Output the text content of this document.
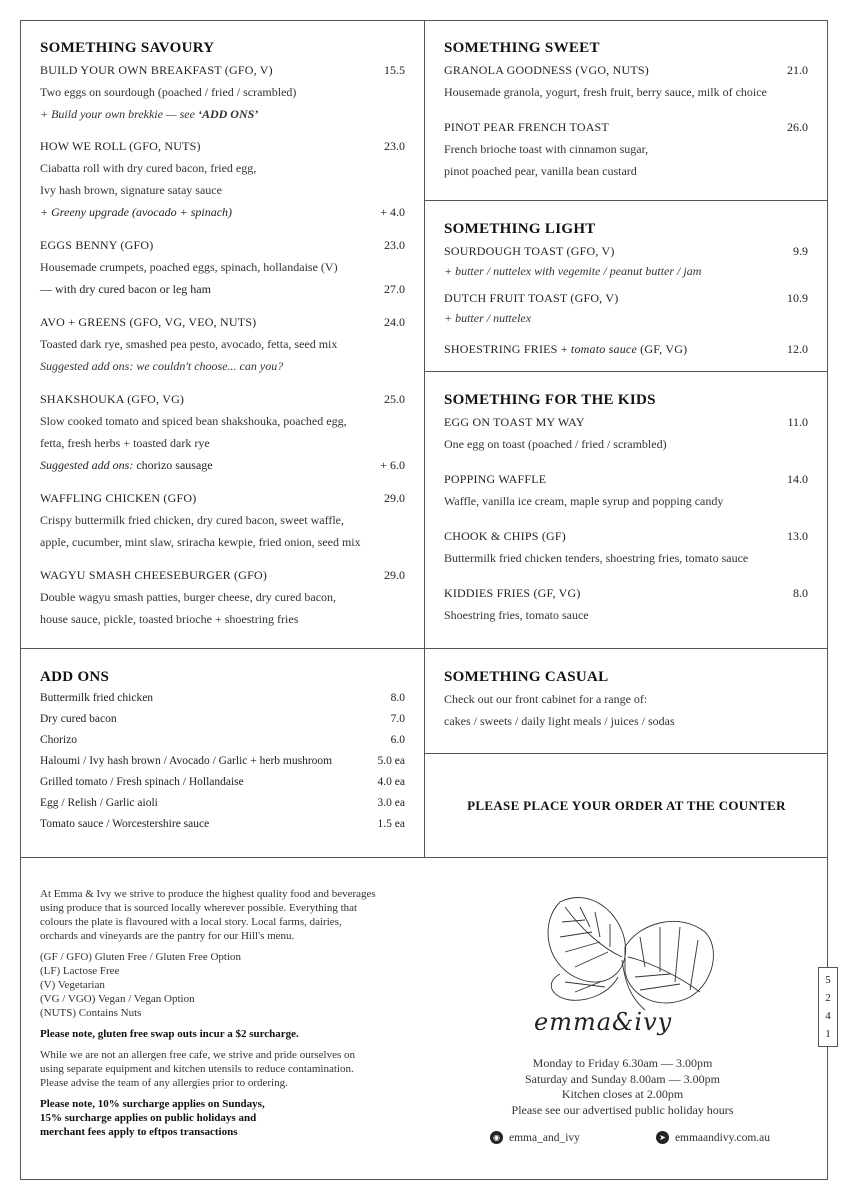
SOMETHING SAVOURY
BUILD YOUR OWN BREAKFAST (GFO, V)	15.5
Two eggs on sourdough (poached / fried / scrambled)
+ Build your own brekkie — see ‘ADD ONS’
HOW WE ROLL (GFO, NUTS)	23.0
Ciabatta roll with dry cured bacon, fried egg,
Ivy hash brown, signature satay sauce
+ Greeny upgrade (avocado + spinach)	+ 4.0
EGGS BENNY (GFO)	23.0
Housemade crumpets, poached eggs, spinach, hollandaise (V)
— with dry cured bacon or leg ham	27.0
AVO + GREENS (GFO, VG, VEO, NUTS)	24.0
Toasted dark rye, smashed pea pesto, avocado, fetta, seed mix
Suggested add ons: we couldn't choose... can you?
SHAKSHOUKA (GFO, VG)	25.0
Slow cooked tomato and spiced bean shakshouka, poached egg,
fetta, fresh herbs + toasted dark rye
Suggested add ons: chorizo sausage	+ 6.0
WAFFLING CHICKEN (GFO)	29.0
Crispy buttermilk fried chicken, dry cured bacon, sweet waffle,
apple, cucumber, mint slaw, sriracha kewpie, fried onion, seed mix
WAGYU SMASH CHEESEBURGER (GFO)	29.0
Double wagyu smash patties, burger cheese, dry cured bacon,
house sauce, pickle, toasted brioche + shoestring fries
SOMETHING SWEET
GRANOLA GOODNESS (VGO, NUTS)	21.0
Housemade granola, yogurt, fresh fruit, berry sauce, milk of choice
PINOT PEAR FRENCH TOAST	26.0
French brioche toast with cinnamon sugar,
pinot poached pear, vanilla bean custard
SOMETHING LIGHT
SOURDOUGH TOAST (GFO, V)	9.9
+ butter / nuttelex with vegemite / peanut butter / jam
DUTCH FRUIT TOAST (GFO, V)	10.9
+ butter / nuttelex
SHOESTRING FRIES + tomato sauce (GF, VG)	12.0
SOMETHING FOR THE KIDS
EGG ON TOAST MY WAY	11.0
One egg on toast (poached / fried / scrambled)
POPPING WAFFLE	14.0
Waffle, vanilla ice cream, maple syrup and popping candy
CHOOK & CHIPS (GF)	13.0
Buttermilk fried chicken tenders, shoestring fries, tomato sauce
KIDDIES FRIES (GF, VG)	8.0
Shoestring fries, tomato sauce
ADD ONS
Buttermilk fried chicken	8.0
Dry cured bacon	7.0
Chorizo	6.0
Haloumi / Ivy hash brown / Avocado / Garlic + herb mushroom	5.0 ea
Grilled tomato / Fresh spinach / Hollandaise	4.0 ea
Egg / Relish / Garlic aioli	3.0 ea
Tomato sauce / Worcestershire sauce	1.5 ea
SOMETHING CASUAL
Check out our front cabinet for a range of:
cakes / sweets / daily light meals / juices / sodas
PLEASE PLACE YOUR ORDER AT THE COUNTER
At Emma & Ivy we strive to produce the highest quality food and beverages
using produce that is sourced locally wherever possible. Everything that
colours the plate is flavoured with a local story. Local farms, dairies,
orchards and vineyards are the pantry for our Hill's menu.
(GF / GFO) Gluten Free / Gluten Free Option
(LF) Lactose Free
(V) Vegetarian
(VG / VGO) Vegan / Vegan Option
(NUTS) Contains Nuts
Please note, gluten free swap outs incur a $2 surcharge.
While we are not an allergen free cafe, we strive and pride ourselves on
using separate equipment and kitchen utensils to reduce contamination.
Please advise the team of any allergies prior to ordering.
Please note, 10% surcharge applies on Sundays,
15% surcharge applies on public holidays and
merchant fees apply to eftpos transactions
emma&ivy
Monday to Friday 6.30am — 3.00pm
Saturday and Sunday 8.00am — 3.00pm
Kitchen closes at 2.00pm
Please see our advertised public holiday hours
◉ emma_and_ivy	➤ emmaandivy.com.au
5
2
4
1
